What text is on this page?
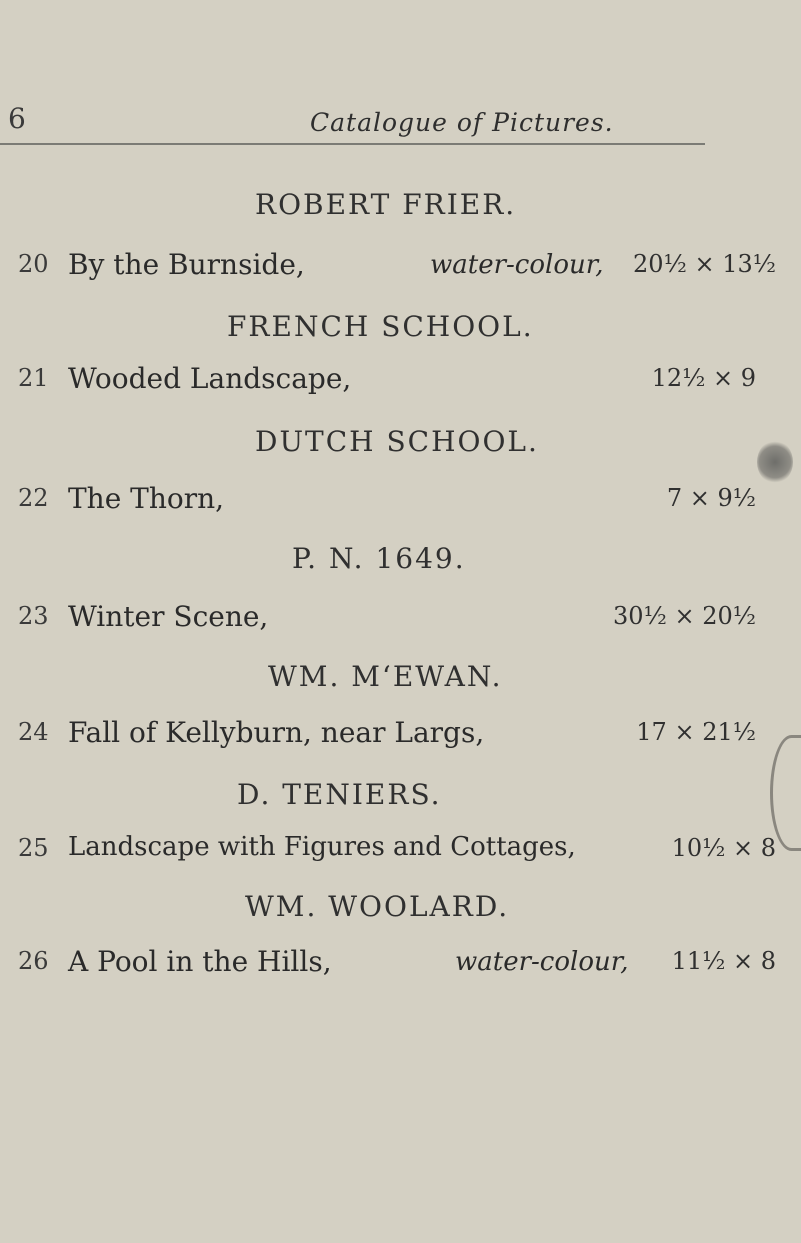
6	Catalogue of Pictures.
ROBERT FRIER.
20 By the Burnside,	water-colour,	20½ × 13½
FRENCH SCHOOL.
21 Wooded Landscape,	12½ × 9
DUTCH SCHOOL.
22 The Thorn,	7 × 9½
P. N. 1649.
23 Winter Scene,	30½ × 20½
WM. M‘EWAN.
24 Fall of Kellyburn, near Largs,	17 × 21½
D. TENIERS.
25 Landscape with Figures and Cottages,	10½ × 8
WM. WOOLARD.
26 A Pool in the Hills,	water-colour,	11½ × 8
